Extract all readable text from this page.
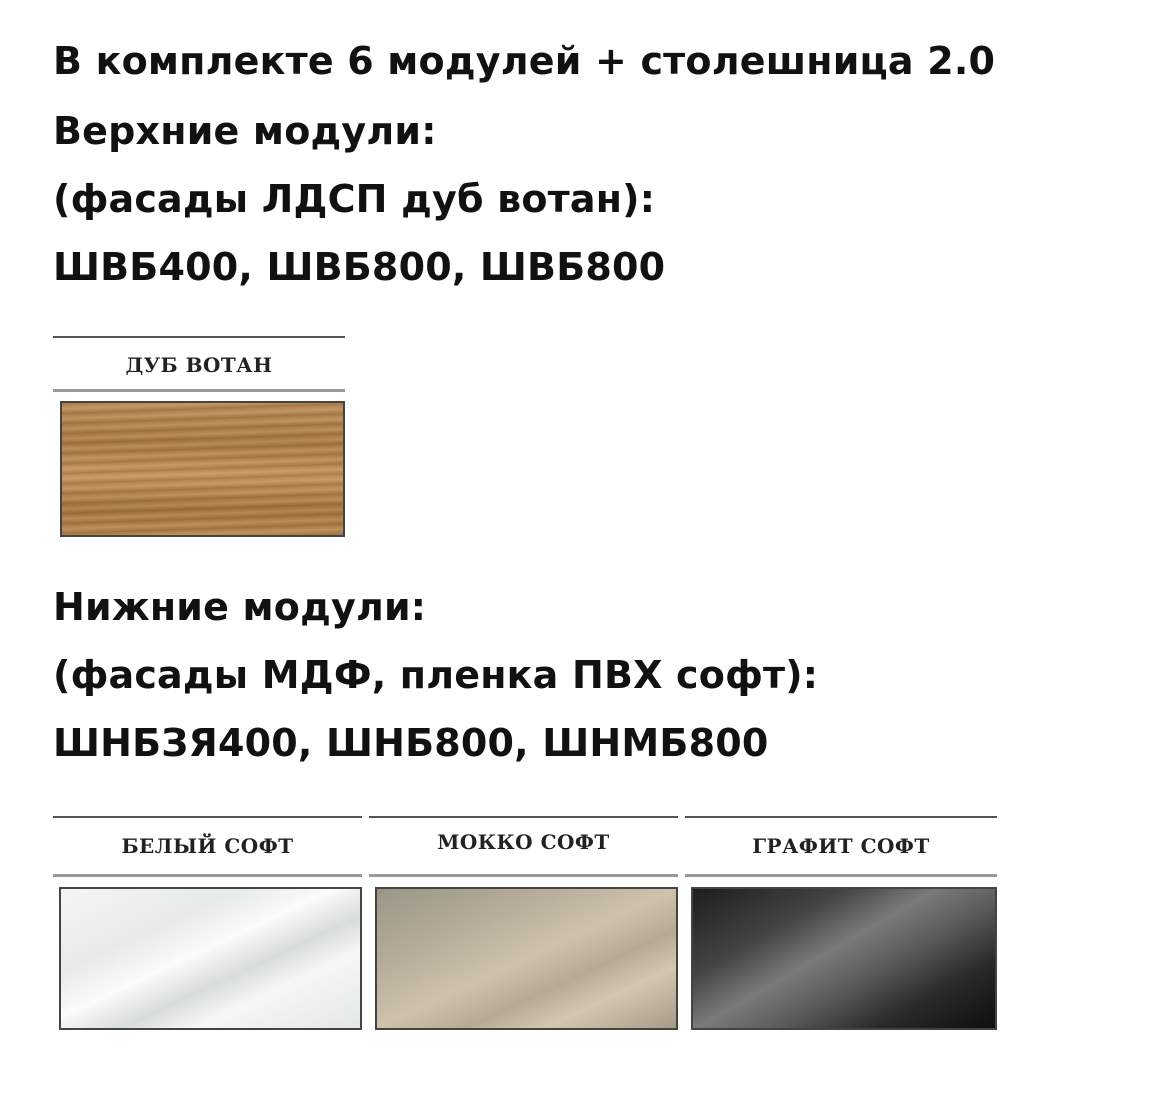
В комплекте 6 модулей + столешница 2.0
Верхние модули:
(фасады ЛДСП дуб вотан):
ШВБ400, ШВБ800, ШВБ800
ДУБ ВОТАН
Нижние модули:
(фасады МДФ, пленка ПВХ софт):
ШНБЗЯ400, ШНБ800, ШНМБ800
БЕЛЫЙ СОФТ	МОККО СОФТ	ГРАФИТ СОФТ
